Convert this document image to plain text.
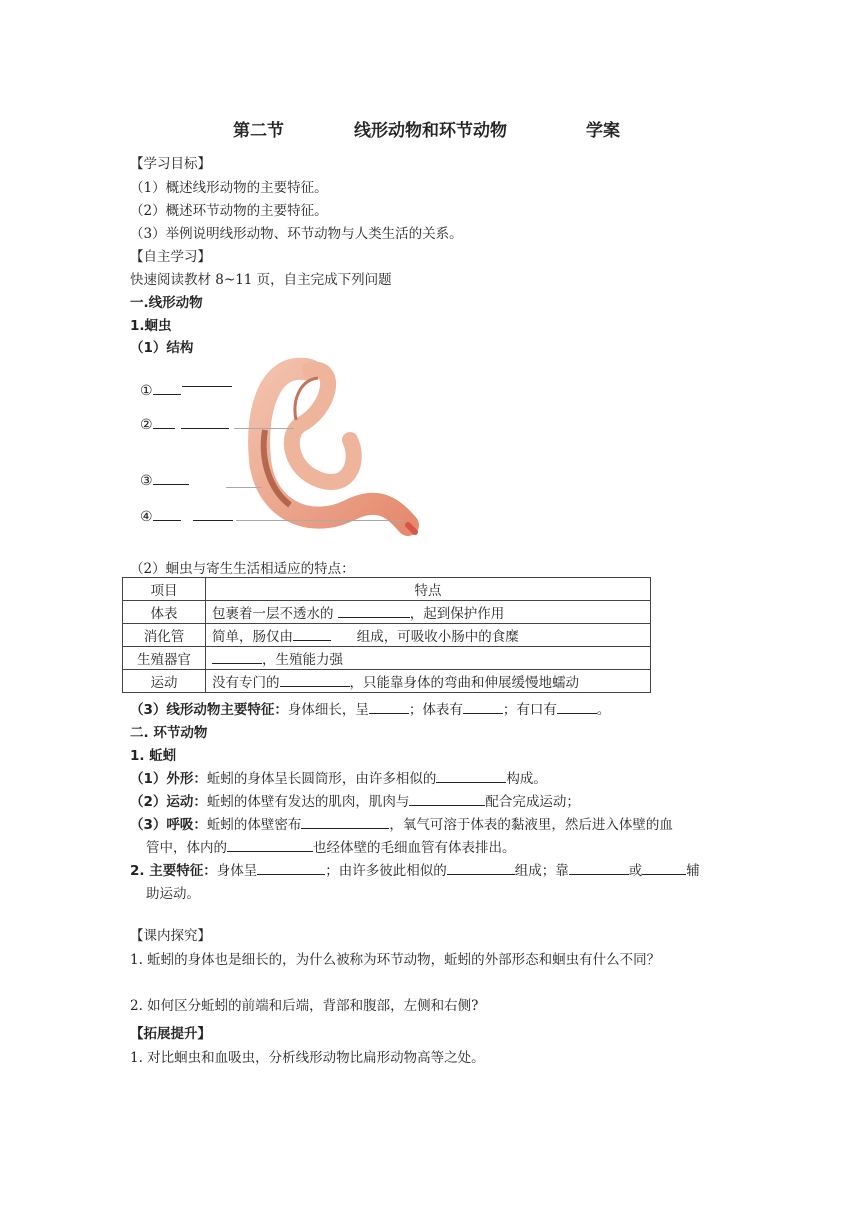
第二节	线形动物和环节动物	学案
【学习目标】
（1）概述线形动物的主要特征。
（2）概述环节动物的主要特征。
（3）举例说明线形动物、环节动物与人类生活的关系。
【自主学习】
快速阅读教材 8~11 页，自主完成下列问题
一.线形动物
1.蛔虫
（1）结构
①
②
③
④
（2）蛔虫与寄生生活相适应的特点：
项目	特点
体表	包裹着一层不透水的 ，起到保护作用
消化管	简单，肠仅由 组成，可吸收小肠中的食糜
生殖器官	，生殖能力强
运动	没有专门的 ，只能靠身体的弯曲和伸展缓慢地蠕动
（3）线形动物主要特征：身体细长，呈	；体表有	；有口有	。
二. 环节动物
1. 蚯蚓
（1）外形：蚯蚓的身体呈长圆筒形，由许多相似的	构成。
（2）运动：蚯蚓的体壁有发达的肌肉，肌肉与	配合完成运动；
（3）呼吸：蚯蚓的体壁密布	，氧气可溶于体表的黏液里，然后进入体壁的血
管中，体内的	也经体壁的毛细血管有体表排出。
2. 主要特征：身体呈	；由许多彼此相似的	组成；靠	或	辅
助运动。
【课内探究】
1. 蚯蚓的身体也是细长的，为什么被称为环节动物，蚯蚓的外部形态和蛔虫有什么不同？
2. 如何区分蚯蚓的前端和后端，背部和腹部，左侧和右侧?
【拓展提升】
1. 对比蛔虫和血吸虫，分析线形动物比扁形动物高等之处。
